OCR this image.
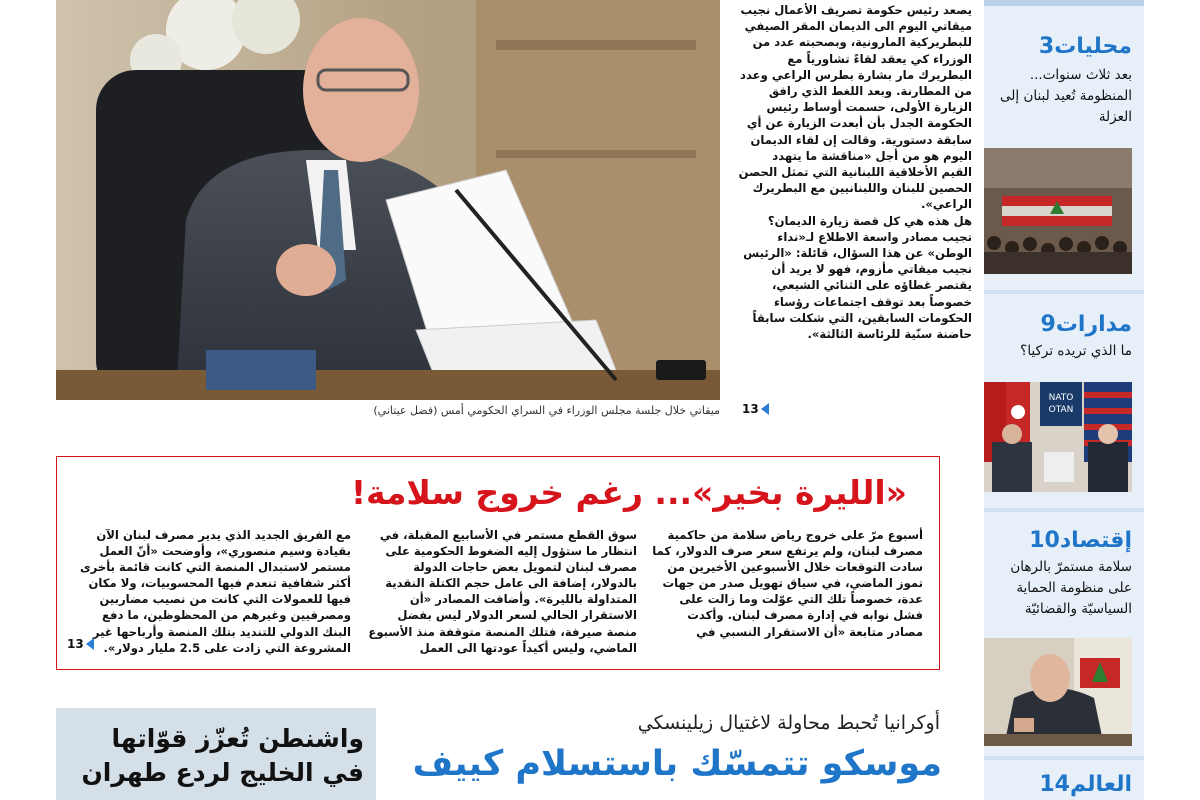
ميقاتي خلال جلسة مجلس الوزراء في السراي الحكومي أمس (فضل عيتاني)

يصعد رئيس حكومة تصريف الأعمال نجيب ميقاتي اليوم الى الديمان المقر الصيفي للبطريركية المارونية، وبصحبته عدد من الوزراء كي يعقد لقاءً تشاورياً مع البطريرك مار بشارة بطرس الراعي وعدد من المطارنة. وبعد اللغط الذي رافق الزيارة الأولى، حسمت أوساط رئيس الحكومة الجدل بأن أبعدت الزيارة عن أي سابقة دستورية. وقالت إن لقاء الديمان اليوم هو من أجل «مناقشة ما يتهدد القيم الأخلاقية اللبنانية التي تمثل الحصن الحصين للبنان واللبنانيين مع البطريرك الراعي».

هل هذه هي كل قصة زيارة الديمان؟ تجيب مصادر واسعة الاطلاع لـ«نداء الوطن» عن هذا السؤال، قائلة: «الرئيس نجيب ميقاتي مأزوم، فهو لا يريد أن يقتصر غطاؤه على الثنائي الشيعي، خصوصاً بعد توقف اجتماعات رؤساء الحكومات السابقين، التي شكلت سابقاً حاضنة سنّية للرئاسة الثالثة».

13
محليات3
بعد ثلاث سنوات... المنظومة تُعيد لبنان إلى العزلة
مدارات9
ما الذي تريده تركيا؟
NATO
OTAN
إقتصاد10
سلامة مستمرّ بالرهان على منظومة الحماية السياسيّة والقضائيّة
العالم14
«الليرة بخير»... رغم خروج سلامة!
أسبوع مرّ على خروج رياض سلامة من حاكمية مصرف لبنان، ولم يرتفع سعر صرف الدولار، كما سادت التوقعات خلال الأسبوعين الأخيرين من تموز الماضي، في سياق تهويل صدر من جهات عدة، خصوصاً تلك التي عوّلت وما زالت على فشل نوابه في إدارة مصرف لبنان. وأكدت مصادر متابعة «أن الاستقرار النسبي في
سوق القطع مستمر في الأسابيع المقبلة، في انتظار ما ستؤول إليه الضغوط الحكومية على مصرف لبنان لتمويل بعض حاجات الدولة بالدولار، إضافة الى عامل حجم الكتلة النقدية المتداولة بالليرة». وأضافت المصادر «أن الاستقرار الحالي لسعر الدولار ليس بفضل منصة صيرفة، فتلك المنصة متوقفة منذ الأسبوع الماضي، وليس أكيداً عودتها الى العمل
مع الفريق الجديد الذي يدير مصرف لبنان الآن بقيادة وسيم منصوري»، وأوضحت «أنّ العمل مستمر لاستبدال المنصة التي كانت قائمة بأخرى أكثر شفافية تنعدم فيها المحسوبيات، ولا مكان فيها للعمولات التي كانت من نصيب مضاربين ومصرفيين وغيرهم من المحظوظين، ما دفع البنك الدولي للتنديد بتلك المنصة وأرباحها غير المشروعة التي زادت على 2.5 مليار دولار».
13
واشنطن تُعزّز قوّاتها في الخليج لردع طهران
أوكرانيا تُحبط محاولة لاغتيال زيلينسكي
موسكو تتمسّك باستسلام كييف
